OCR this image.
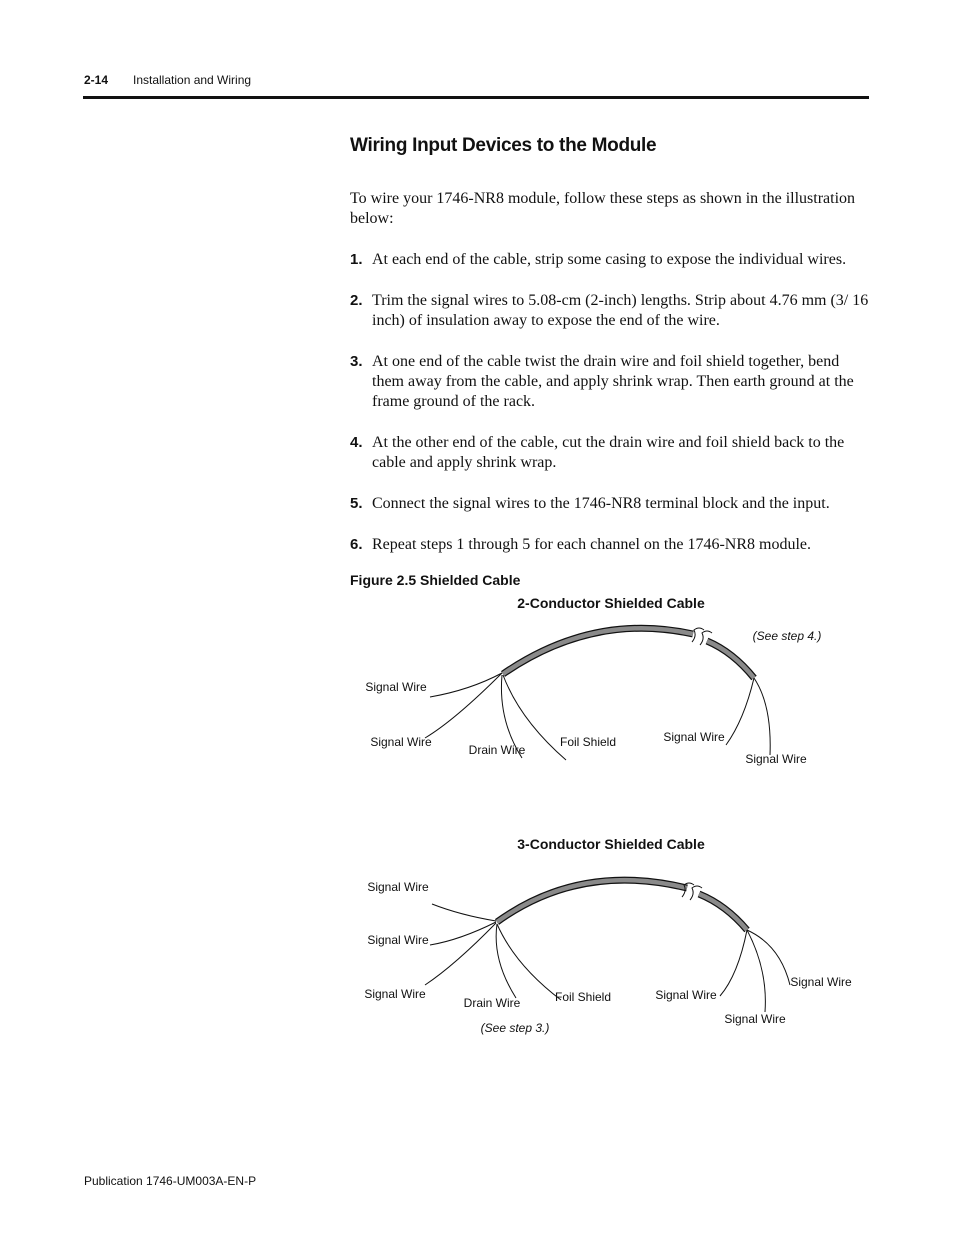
2-14 Installation and Wiring
Wiring Input Devices to the Module
To wire your 1746-NR8 module, follow these steps as shown in the illustration below:
1. At each end of the cable, strip some casing to expose the individual wires.
2. Trim the signal wires to 5.08-cm (2-inch) lengths. Strip about 4.76 mm (3/ 16 inch) of insulation away to expose the end of the wire.
3. At one end of the cable twist the drain wire and foil shield together, bend them away from the cable, and apply shrink wrap. Then earth ground at the frame ground of the rack.
4. At the other end of the cable, cut the drain wire and foil shield back to the cable and apply shrink wrap.
5. Connect the signal wires to the 1746-NR8 terminal block and the input.
6. Repeat steps 1 through 5 for each channel on the 1746-NR8 module.
Figure 2.5 Shielded Cable
2-Conductor Shielded Cable
(See step 4.)
Signal Wire
Signal Wire
Drain Wire
Foil Shield	Signal Wire
Signal Wire
3-Conductor Shielded Cable
Signal Wire
Signal Wire
Signal Wire
Drain Wire	Foil Shield
(See step 3.)
Signal Wire
Signal Wire
Signal Wire
Publication 1746-UM003A-EN-P
